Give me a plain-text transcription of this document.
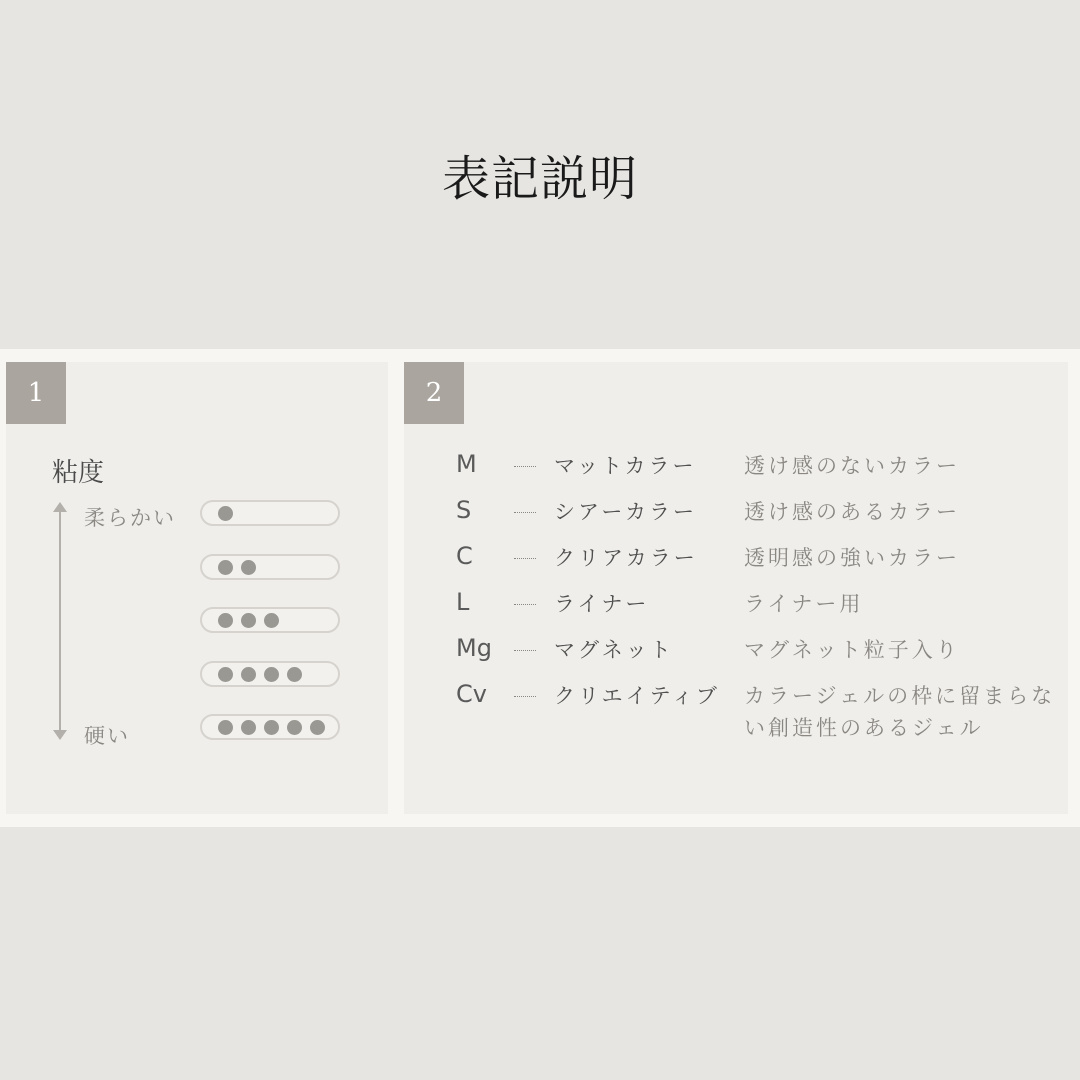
表記説明
1
粘度
柔らかい
硬い
2
M	マットカラー	透け感のないカラー
S	シアーカラー	透け感のあるカラー
C	クリアカラー	透明感の強いカラー
L	ライナー	ライナー用
Mg	マグネット	マグネット粒子入り
Cv	クリエイティブ	カラージェルの枠に留まらない創造性のあるジェル
